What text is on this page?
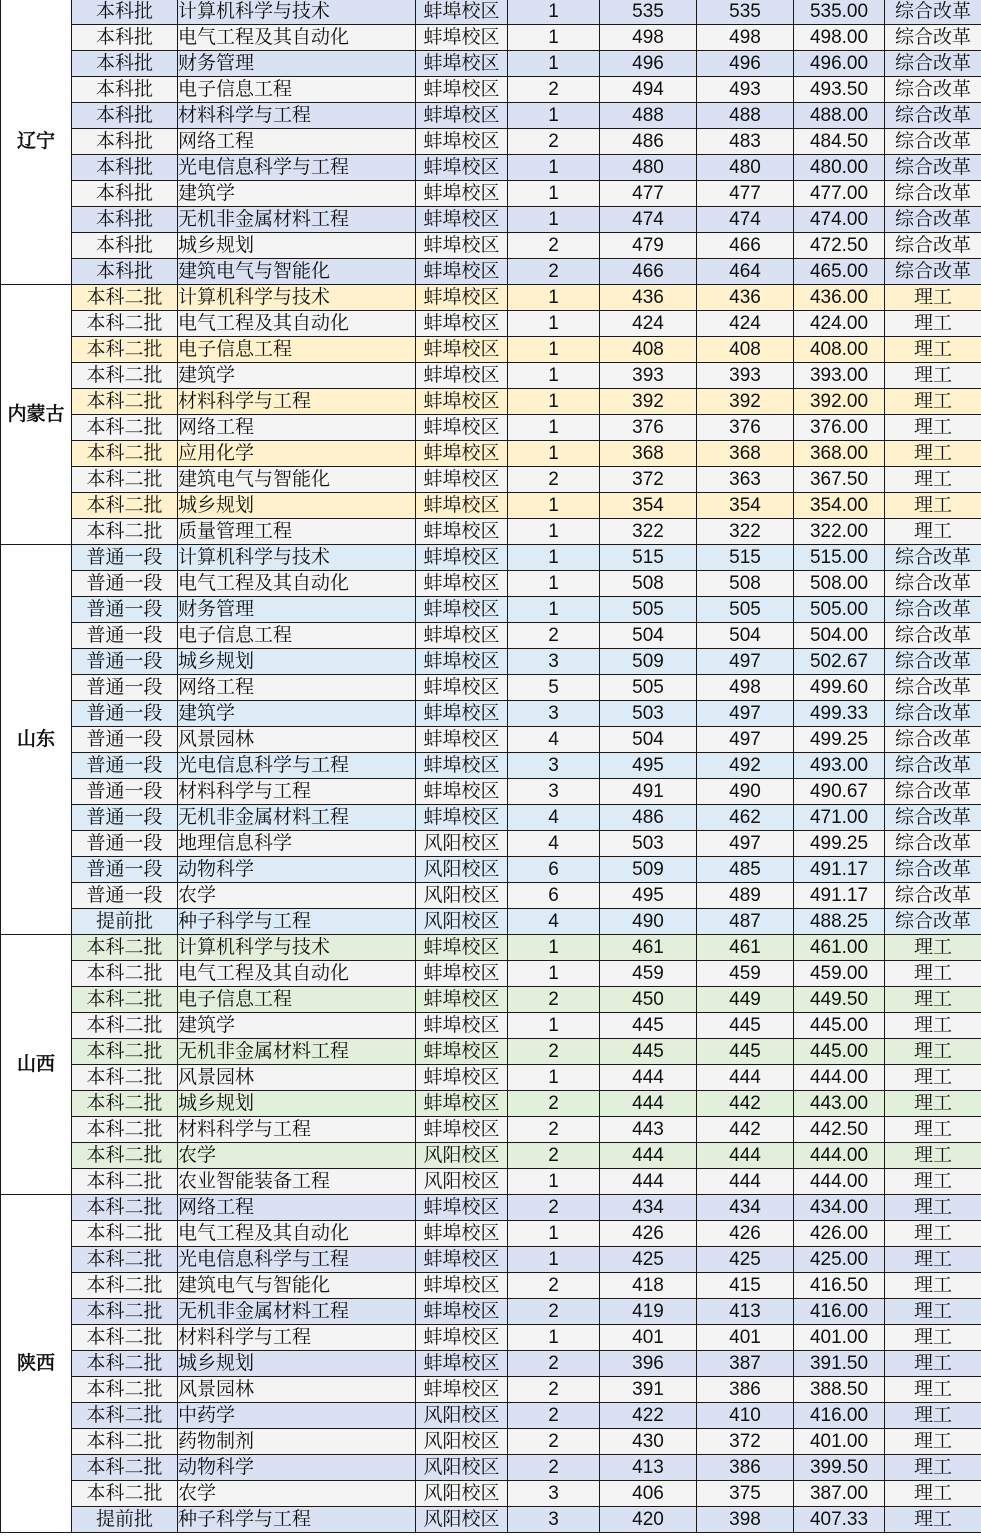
辽宁	本科批	计算机科学与技术	蚌埠校区	1	535	535	535.00	综合改革
	本科批	电气工程及其自动化	蚌埠校区	1	498	498	498.00	综合改革
	本科批	财务管理	蚌埠校区	1	496	496	496.00	综合改革
	本科批	电子信息工程	蚌埠校区	2	494	493	493.50	综合改革
	本科批	材料科学与工程	蚌埠校区	1	488	488	488.00	综合改革
	本科批	网络工程	蚌埠校区	2	486	483	484.50	综合改革
	本科批	光电信息科学与工程	蚌埠校区	1	480	480	480.00	综合改革
	本科批	建筑学	蚌埠校区	1	477	477	477.00	综合改革
	本科批	无机非金属材料工程	蚌埠校区	1	474	474	474.00	综合改革
	本科批	城乡规划	蚌埠校区	2	479	466	472.50	综合改革
	本科批	建筑电气与智能化	蚌埠校区	2	466	464	465.00	综合改革
内蒙古	本科二批	计算机科学与技术	蚌埠校区	1	436	436	436.00	理工
	本科二批	电气工程及其自动化	蚌埠校区	1	424	424	424.00	理工
	本科二批	电子信息工程	蚌埠校区	1	408	408	408.00	理工
	本科二批	建筑学	蚌埠校区	1	393	393	393.00	理工
	本科二批	材料科学与工程	蚌埠校区	1	392	392	392.00	理工
	本科二批	网络工程	蚌埠校区	1	376	376	376.00	理工
	本科二批	应用化学	蚌埠校区	1	368	368	368.00	理工
	本科二批	建筑电气与智能化	蚌埠校区	2	372	363	367.50	理工
	本科二批	城乡规划	蚌埠校区	1	354	354	354.00	理工
	本科二批	质量管理工程	蚌埠校区	1	322	322	322.00	理工
山东	普通一段	计算机科学与技术	蚌埠校区	1	515	515	515.00	综合改革
	普通一段	电气工程及其自动化	蚌埠校区	1	508	508	508.00	综合改革
	普通一段	财务管理	蚌埠校区	1	505	505	505.00	综合改革
	普通一段	电子信息工程	蚌埠校区	2	504	504	504.00	综合改革
	普通一段	城乡规划	蚌埠校区	3	509	497	502.67	综合改革
	普通一段	网络工程	蚌埠校区	5	505	498	499.60	综合改革
	普通一段	建筑学	蚌埠校区	3	503	497	499.33	综合改革
	普通一段	风景园林	蚌埠校区	4	504	497	499.25	综合改革
	普通一段	光电信息科学与工程	蚌埠校区	3	495	492	493.00	综合改革
	普通一段	材料科学与工程	蚌埠校区	3	491	490	490.67	综合改革
	普通一段	无机非金属材料工程	蚌埠校区	4	486	462	471.00	综合改革
	普通一段	地理信息科学	风阳校区	4	503	497	499.25	综合改革
	普通一段	动物科学	风阳校区	6	509	485	491.17	综合改革
	普通一段	农学	风阳校区	6	495	489	491.17	综合改革
	提前批	种子科学与工程	风阳校区	4	490	487	488.25	综合改革
山西	本科二批	计算机科学与技术	蚌埠校区	1	461	461	461.00	理工
	本科二批	电气工程及其自动化	蚌埠校区	1	459	459	459.00	理工
	本科二批	电子信息工程	蚌埠校区	2	450	449	449.50	理工
	本科二批	建筑学	蚌埠校区	1	445	445	445.00	理工
	本科二批	无机非金属材料工程	蚌埠校区	2	445	445	445.00	理工
	本科二批	风景园林	蚌埠校区	1	444	444	444.00	理工
	本科二批	城乡规划	蚌埠校区	2	444	442	443.00	理工
	本科二批	材料科学与工程	蚌埠校区	2	443	442	442.50	理工
	本科二批	农学	风阳校区	2	444	444	444.00	理工
	本科二批	农业智能装备工程	风阳校区	1	444	444	444.00	理工
陕西	本科二批	网络工程	蚌埠校区	2	434	434	434.00	理工
	本科二批	电气工程及其自动化	蚌埠校区	1	426	426	426.00	理工
	本科二批	光电信息科学与工程	蚌埠校区	1	425	425	425.00	理工
	本科二批	建筑电气与智能化	蚌埠校区	2	418	415	416.50	理工
	本科二批	无机非金属材料工程	蚌埠校区	2	419	413	416.00	理工
	本科二批	材料科学与工程	蚌埠校区	1	401	401	401.00	理工
	本科二批	城乡规划	蚌埠校区	2	396	387	391.50	理工
	本科二批	风景园林	蚌埠校区	2	391	386	388.50	理工
	本科二批	中药学	风阳校区	2	422	410	416.00	理工
	本科二批	药物制剂	风阳校区	2	430	372	401.00	理工
	本科二批	动物科学	风阳校区	2	413	386	399.50	理工
	本科二批	农学	风阳校区	3	406	375	387.00	理工
	提前批	种子科学与工程	风阳校区	3	420	398	407.33	理工
